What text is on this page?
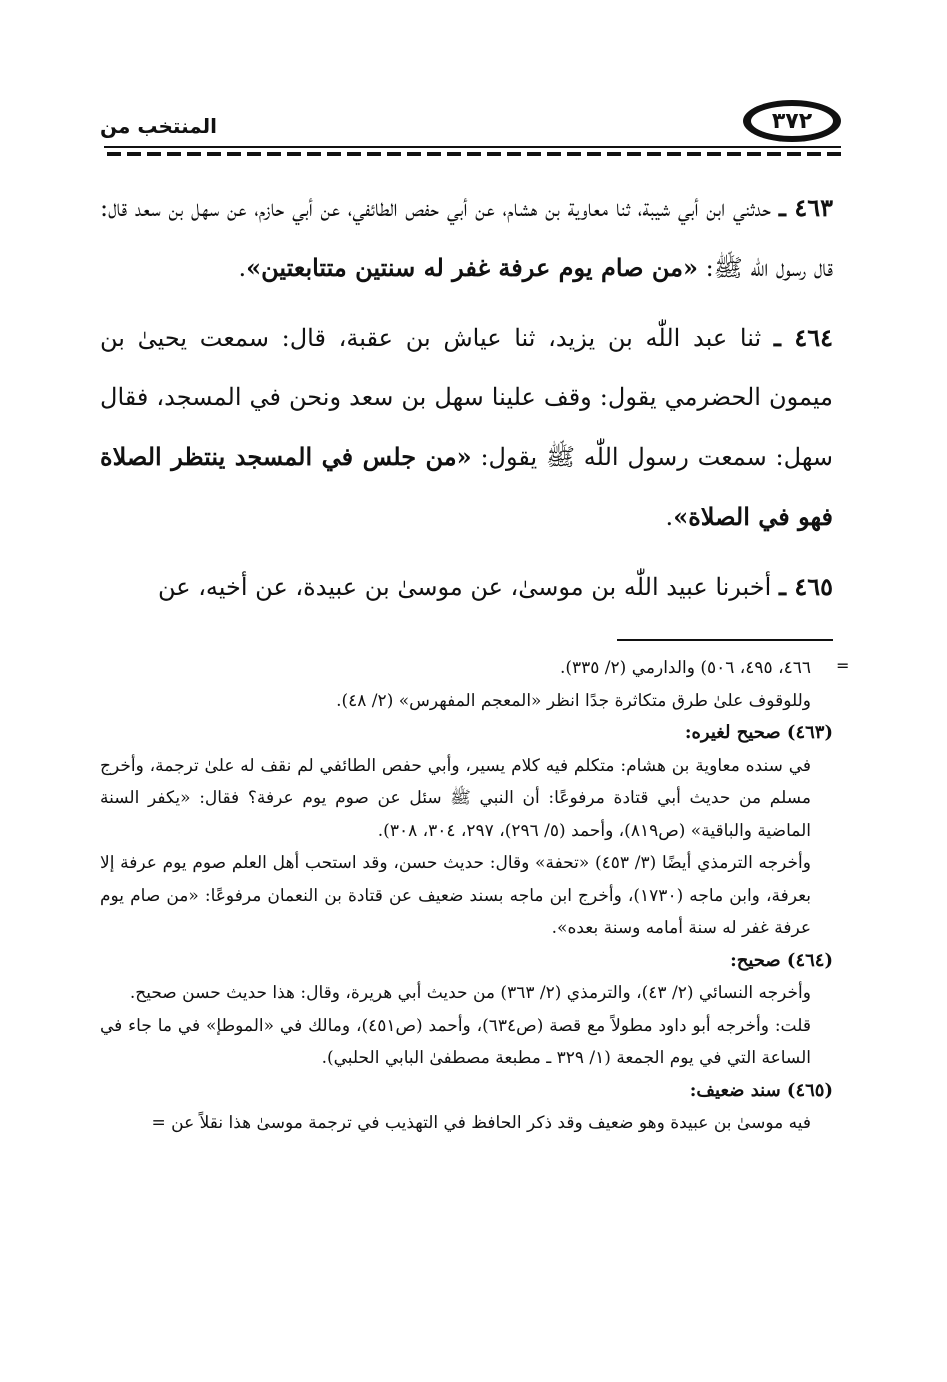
٣٧٢
المنتخب من

٤٦٣ ـ حدثني ابن أبي شيبة، ثنا معاوية بن هشام، عن أبي حفص الطائفي، عن أبي حازم، عن سهل بن سعد قال: قال رسول اللّٰه ﷺ: «من صام يوم عرفة غفر له سنتين متتابعتين».

٤٦٤ ـ ثنا عبد اللّٰه بن يزيد، ثنا عياش بن عقبة، قال: سمعت يحيىٰ بن ميمون الحضرمي يقول: وقف علينا سهل بن سعد ونحن في المسجد، فقال سهل: سمعت رسول اللّٰه ﷺ يقول: «من جلس في المسجد ينتظر الصلاة فهو في الصلاة».

٤٦٥ ـ أخبرنا عبيد اللّٰه بن موسىٰ، عن موسىٰ بن عبيدة، عن أخيه، عن

=

٤٦٦، ٤٩٥، ٥٠٦) والدارمي (٢/ ٣٣٥).

وللوقوف علىٰ طرق متكاثرة جدًا انظر «المعجم المفهرس» (٢/ ٤٨).

(٤٦٣) صحيح لغيره:

في سنده معاوية بن هشام: متكلم فيه كلام يسير، وأبي حفص الطائفي لم نقف له علىٰ ترجمة، وأخرج مسلم من حديث أبي قتادة مرفوعًا: أن النبي ﷺ سئل عن صوم يوم عرفة؟ فقال: «يكفر السنة الماضية والباقية» (ص٨١٩)، وأحمد (٥/ ٢٩٦)، ٢٩٧، ٣٠٤، ٣٠٨).

وأخرجه الترمذي أيضًا (٣/ ٤٥٣) «تحفة» وقال: حديث حسن، وقد استحب أهل العلم صوم يوم عرفة إلا بعرفة، وابن ماجه (١٧٣٠)، وأخرج ابن ماجه بسند ضعيف عن قتادة بن النعمان مرفوعًا: «من صام يوم عرفة غفر له سنة أمامه وسنة بعده».

(٤٦٤) صحيح:

وأخرجه النسائي (٢/ ٤٣)، والترمذي (٢/ ٣٦٣) من حديث أبي هريرة، وقال: هذا حديث حسن صحيح.

قلت: وأخرجه أبو داود مطولاً مع قصة (ص٦٣٤)، وأحمد (ص٤٥١)، ومالك في «الموطإ» في ما جاء في الساعة التي في يوم الجمعة (١/ ٣٢٩ ـ مطبعة مصطفىٰ البابي الحلبي).

(٤٦٥) سند ضعيف:

فيه موسىٰ بن عبيدة وهو ضعيف وقد ذكر الحافظ في التهذيب في ترجمة موسىٰ هذا نقلاً عن =
